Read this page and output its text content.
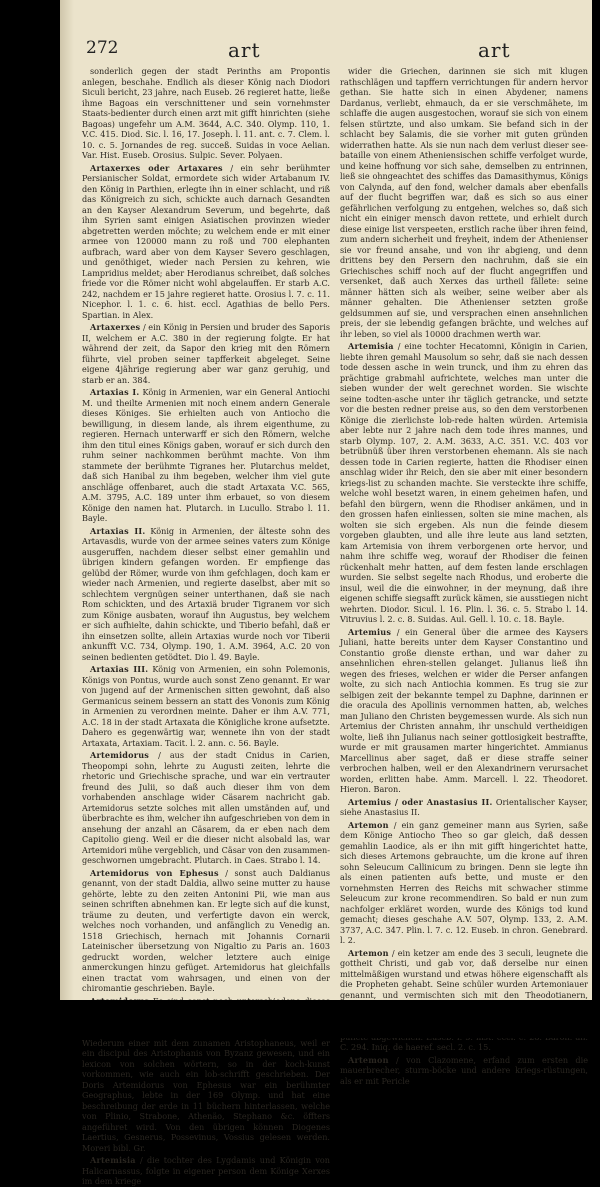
272	art	art

sonderlich gegen der stadt Perinths am Propontis anlegen, beschahe. Endlich als dieser König nach Diodori Siculi bericht, 23 jahre, nach Euseb. 26 regieret hatte, ließe ihme Bagoas ein verschnittener und sein vornehmster Staats-bedienter durch einen arzt mit gifft hinrichten (siehe Bagoas) ungefehr um A.M. 3644, A.C. 340. Olymp. 110, 1. V.C. 415. Diod. Sic. l. 16, 17. Joseph. l. 11. ant. c. 7. Clem. l. 10. c. 5. Jornandes de reg. succeß. Suidas in voce Aelian. Var. Hist. Euseb. Orosius. Sulpic. Sever. Polyaen.

Artaxerxes oder Artaxares / ein sehr berühmter Persianischer Soldat, ermordete sich wider Artabanum IV. den König in Parthien, erlegte ihn in einer schlacht, und riß das Königreich zu sich, schickte auch darnach Gesandten an den Kayser Alexandrum Severum, und begehrte, daß ihm Syrien samt einigen Asiatischen provinzen wieder abgetretten werden möchte; zu welchem ende er mit einer armee von 120000 mann zu roß und 700 elephanten aufbrach, ward aber von dem Kayser Severo geschlagen, und genöthiget, wieder nach Persien zu kehren, wie Lampridius meldet; aber Herodianus schreibet, daß solches friede vor die Römer nicht wohl abgelauffen. Er starb A.C. 242, nachdem er 15 jahre regieret hatte. Orosius l. 7. c. 11. Nicephor. l. 1. c. 6. hist. eccl. Agathias de bello Pers. Spartian. in Alex.

Artaxerxes / ein König in Persien und bruder des Saporis II, welchem er A.C. 380 in der regierung folgte. Er hat während der zeit, da Sapor den krieg mit den Römern führte, viel proben seiner tapfferkeit abgeleget. Seine eigene 4jährige regierung aber war ganz geruhig, und starb er an. 384.

Artaxias I. König in Armenien, war ein General Antiochi M. und theilte Armenien mit noch einem andern Generale dieses Königes. Sie erhielten auch von Antiocho die bewilligung, in diesem lande, als ihrem eigenthume, zu regieren. Hernach unterwarff er sich den Römern, welche ihm den titul eines Königs gaben, worauf er sich durch den ruhm seiner nachkommen berühmt machte. Von ihm stammete der berühmte Tigranes her. Plutarchus meldet, daß sich Hanibal zu ihm begeben, welcher ihm viel gute anschläge offenbaret, auch die stadt Artaxata V.C. 565, A.M. 3795, A.C. 189 unter ihm erbauet, so von diesem Könige den namen hat. Plutarch. in Lucullo. Strabo l. 11. Bayle.

Artaxias II. König in Armenien, der älteste sohn des Artavasdis, wurde von der armee seines vaters zum Könige ausgeruffen, nachdem dieser selbst einer gemahlin und übrigen kindern gefangen worden. Er empfienge das gelübd der Römer, wurde von ihm gefchlagen, doch kam er wieder nach Armenien, und regierte daselbst, aber mit so schlechtem vergnügen seiner unterthanen, daß sie nach Rom schickten, und des Artaxiä bruder Tigranem vor sich zum Könige ausbaten, worauf ihn Augustus, bey welchem er sich aufhielte, dahin schickte, und Tiberio befahl, daß er ihn einsetzen sollte, allein Artaxias wurde noch vor Tiberii ankunfft V.C. 734, Olymp. 190, 1. A.M. 3964, A.C. 20 von seinen bedienten getödtet. Dio l. 49. Bayle.

Artaxias III. König von Armenien, ein sohn Polemonis, Königs von Pontus, wurde auch sonst Zeno genannt. Er war von jugend auf der Armenischen sitten gewohnt, daß also Germanicus seinem bessern an statt des Vononis zum König in Armenien zu verordnen meinte. Daher er ihm A.V. 771, A.C. 18 in der stadt Artaxata die Königliche krone aufsetzte. Dahero es gegenwärtig war, wennete ihn von der stadt Artaxata, Artaxiam. Tacit. l. 2. ann. c. 56. Bayle.

Artemidorus / aus der stadt Cnidus in Carien, Theopompi sohn, lehrte zu Augusti zeiten, lehrte die rhetoric und Griechische sprache, und war ein vertrauter freund des Julii, so daß auch dieser ihm von dem vorhabenden anschlage wider Cäsarem nachricht gab. Artemidorus setzte solches mit allen umständen auf, und überbrachte es ihm, welcher ihn aufgeschrieben von dem in ansehung der anzahl an Cäsarem, da er eben nach dem Capitolio gieng. Weil er die dieser nicht alsobald las, war Artemidori mühe vergeblich, und Cäsar von den zusammen-geschwornen umgebracht. Plutarch. in Caes. Strabo l. 14.

Artemidorus von Ephesus / sonst auch Daldianus genannt, von der stadt Daldia, allwo seine mutter zu hause gehörte, lebte zu den zeiten Antonini Pii, wie man aus seinen schriften abnehmen kan. Er legte sich auf die kunst, träume zu deuten, und verfertigte davon ein werck, welches noch vorhanden, und anfänglich zu Venedig an. 1518 Griechisch, hernach mit Johannis Cornarii Lateinischer übersetzung von Nigaltio zu Paris an. 1603 gedruckt worden, welcher letztere auch einige anmerckungen hinzu gefüget. Artemidorus hat gleichfalls einen tractat vom wahrsagen, und einen von der chiromantie geschrieben. Bayle.

Wiederum einer mit dem zunamen Aristophaneus, weil er ein discipul des Aristophanis von Byzanz gewesen, und ein lexicon von solchen wörtern, so in der koch-kunst vorkommen, wie auch ein lob-schrifft geschrieben. Der Doris Artemidorus von Ephesus war ein berühmter Geographus, lebte in der 169 Olymp. und hat eine beschreibung der erde in 11 büchern hinterlassen, welche von Plinio, Strabone, Athenäo, Stephano &c. öffters angeführet wird. Von den übrigen können Diogenes Laertius, Gesnerus, Possevinus, Vossius gelesen werden. Moreri bibl. Gr.

Artemisia / die tochter des Lygdamis und Königin von Halicarnassus, folgte in eigener person dem Könige Xerxes im dem kriege

wider die Griechen, darinnen sie sich mit klugen rathschlägen und tapffern verrichtungen für andern hervor gethan. Sie hatte sich in einen Abydener, namens Dardanus, verliebt, ehmauch, da er sie verschmähete, im schlaffe die augen ausgestochen, worauf sie sich von einem felsen stürtzte, und also umkam. Sie befand sich in der schlacht bey Salamis, die sie vorher mit guten gründen widerrathen hatte. Als sie nun nach dem verlust dieser see-bataille von einem Atheniensischen schiffe verfolget wurde, und keine hoffnung vor sich sahe, demselben zu entrinnen, ließ sie ohngeachtet des schiffes das Damasithymus, Königs von Calynda, auf den fond, welcher damals aber ebenfalls auf der flucht begriffen war, daß es sich so aus einer gefährlichen verfolgung zu entgehen, welches so, daß sich nicht ein einiger mensch davon rettete, und erhielt durch diese einige list verspeeten, erstlich rache über ihren feind, zum andern sicherheit und freyheit, indem der Athenienser sie vor freund ansahe, und von ihr abgieng, und denn drittens bey den Persern den nachruhm, daß sie ein Griechisches schiff noch auf der flucht angegriffen und versenket, daß auch Xerxes das urtheil fällete: seine männer hätten sich als weiber, seine weiber aber als männer gehalten. Die Athenienser setzten große geldsummen auf sie, und versprachen einen ansehnlichen preis, der sie lebendig gefangen brächte, und welches auf ihr leben, so viel als 10000 drachmen werth war.

Artemisia / eine tochter Hecatomni, Königin in Carien, liebte ihren gemahl Mausolum so sehr, daß sie nach dessen tode dessen asche in wein trunck, und ihm zu ehren das prächtige grabmahl aufrichtete, welches man unter die sieben wunder der welt gerechnet worden. Sie wischte seine todten-asche unter ihr täglich getrancke, und setzte vor die besten redner preise aus, so den dem verstorbenen Könige die zierlichste lob-rede halten würden. Artemisia aber lebte nur 2 jahre nach dem tode ihres mannes, und starb Olymp. 107, 2. A.M. 3633, A.C. 351. V.C. 403 vor betrübnüß über ihren verstorbenen ehemann. Als sie nach dessen tode in Carien regierte, hatten die Rhodiser einen anschlag wider ihr Reich, den sie aber mit einer besondern kriegs-list zu schanden machte. Sie versteckte ihre schiffe, welche wohl besetzt waren, in einem geheimen hafen, und befahl den bürgern, wenn die Rhodiser ankämen, und in den grossen hafen einliessen, solten sie mine machen, als wolten sie sich ergeben. Als nun die feinde diesem vorgeben glaubten, und alle ihre leute aus land setzten, kam Artemisia von ihrem verborgenen orte hervor, und nahm ihre schiffe weg, worauf der Rhodiser die feinen rückenhalt mehr hatten, auf dem festen lande erschlagen wurden. Sie selbst segelte nach Rhodus, und eroberte die insul, weil die die einwohner, in der meynung, daß ihre eigenen schiffe siegsafft zurück kämen, sie ausstiegen nicht wehrten. Diodor. Sicul. l. 16. Plin. l. 36. c. 5. Strabo l. 14. Vitruvius l. 2. c. 8. Suidas. Aul. Gell. l. 10. c. 18. Bayle.

Artemius / ein General über die armee des Kaysers Juliani, hatte bereits unter dem Kayser Constantino und Constantio große dienste erthan, und war daher zu ansehnlichen ehren-stellen gelanget. Julianus ließ ihn wegen des frieses, welchen er wider die Perser anfangen wolte, zu sich nach Antiochia kommen. Es trug sie zur selbigen zeit der bekannte tempel zu Daphne, darinnen er die oracula des Apollinis vernommen hatten, ab, welches man Juliano den Christen beygemessen wurde. Als sich nun Artemius der Christen annahm, ihr unschuld vertheidigen wolte, ließ ihn Julianus nach seiner gottlosigkeit bestraffte, wurde er mit grausamen marter hingerichtet. Ammianus Marcellinus aber saget, daß er diese straffe seiner verbrochen halben, weil er den Alexandrinern verursachet worden, erlitten habe. Amm. Marcell. l. 22. Theodoret. Hieron. Baron.

Artemius / oder Anastasius II. Orientalischer Kayser, siehe Anastasius II.

Artemon / ein ganz gemeiner mann aus Syrien, saße dem Könige Antiocho Theo so gar gleich, daß dessen gemahlin Laodice, als er ihn mit gifft hingerichtet hatte, sich dieses Artemons gebrauchte, um die krone auf ihren sohn Seleucum Callinicum zu bringen. Denn sie legte ihn als einen patienten aufs bette, und muste er den vornehmsten Herren des Reichs mit schwacher stimme Seleucum zur krone recommendiren. So bald er nun zum nachfolger erkläret worden, wurde des Königs tod kund gemacht; dieses geschahe A.V. 507, Olymp. 133, 2. A.M. 3737, A.C. 347. Plin. l. 7. c. 12. Euseb. in chron. Genebrard. l. 2.

Artemon / ein ketzer am ende des 3 seculi, leugnete die gottheit Christi, und gab vor, daß derselbe nur einen mittelmäßigen wurstand und etwas höhere eigenschafft als die Propheten gehabt. Seine schüler wurden Artemoniauer genannt, und vermischten sich mit den Theodotianern, C. 294. Iniq. de haeref. secl. 2. c. 15.

Artemon / von Clazomene, erfand zum ersten die mauerbrecher, sturm-böcke und andere kriegs-rüstungen, als er mit Pericle
